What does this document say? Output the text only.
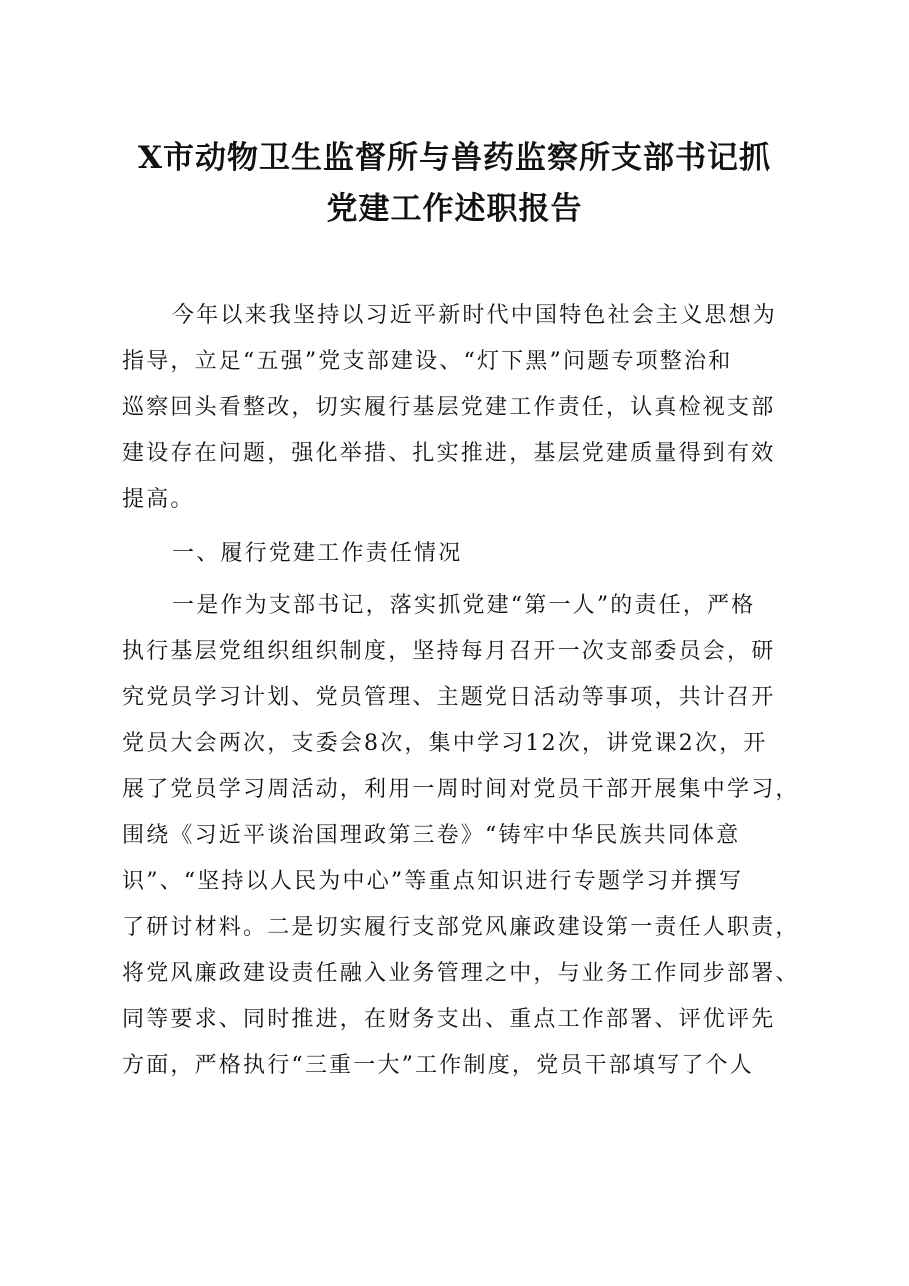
X市动物卫生监督所与兽药监察所支部书记抓
党建工作述职报告
今年以来我坚持以习近平新时代中国特色社会主义思想为
指导，立足“五强”党支部建设、“灯下黑”问题专项整治和
巡察回头看整改，切实履行基层党建工作责任，认真检视支部
建设存在问题，强化举措、扎实推进，基层党建质量得到有效
提高。
一、履行党建工作责任情况
一是作为支部书记，落实抓党建“第一人”的责任，严格
执行基层党组织组织制度，坚持每月召开一次支部委员会，研
究党员学习计划、党员管理、主题党日活动等事项，共计召开
党员大会两次，支委会8次，集中学习12次，讲党课2次，开
展了党员学习周活动，利用一周时间对党员干部开展集中学习，
围绕《习近平谈治国理政第三卷》“铸牢中华民族共同体意
识”、“坚持以人民为中心”等重点知识进行专题学习并撰写
了研讨材料。二是切实履行支部党风廉政建设第一责任人职责，
将党风廉政建设责任融入业务管理之中，与业务工作同步部署、
同等要求、同时推进，在财务支出、重点工作部署、评优评先
方面，严格执行“三重一大”工作制度，党员干部填写了个人
